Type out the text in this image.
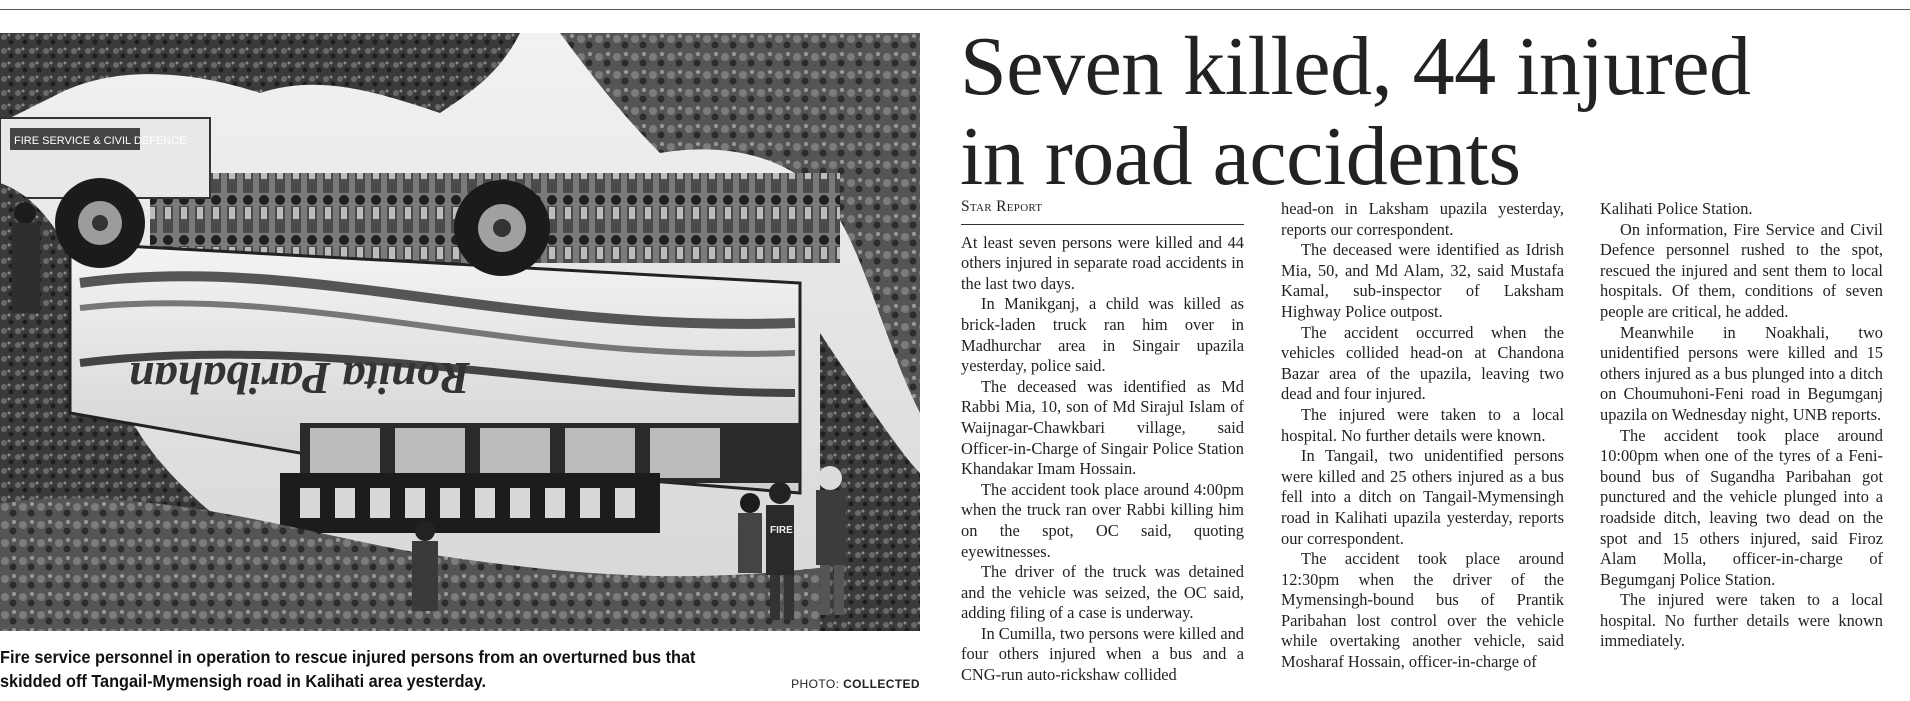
FIRE SERVICE & CIVIL DEFENCE
Ronita Paribahan
FIRE
Fire service personnel in operation to rescue injured persons from an overturned bus that skidded off Tangail-Mymensigh road in Kalihati area yesterday.	PHOTO: COLLECTED
Seven killed, 44 injured
in road accidents
Star Report

At least seven persons were killed and 44 others injured in separate road accidents in the last two days.

In Manikganj, a child was killed as brick-laden truck ran him over in Madhurchar area in Singair upazila yesterday, police said.

The deceased was identified as Md Rabbi Mia, 10, son of Md Sirajul Islam of Waijnagar-Chawkbari village, said Officer-in-Charge of Singair Police Station Khandakar Imam Hossain.

The accident took place around 4:00pm when the truck ran over Rabbi killing him on the spot, OC said, quoting eyewitnesses.

The driver of the truck was detained and the vehicle was seized, the OC said, adding filing of a case is underway.

In Cumilla, two persons were killed and four others injured when a bus and a CNG-run auto-rickshaw collided

head-on in Laksham upazila yesterday, reports our correspondent.

The deceased were identified as Idrish Mia, 50, and Md Alam, 32, said Mustafa Kamal, sub-inspector of Laksham Highway Police outpost.

The accident occurred when the vehicles collided head-on at Chandona Bazar area of the upazila, leaving two dead and four injured.

The injured were taken to a local hospital. No further details were known.

In Tangail, two unidentified persons were killed and 25 others injured as a bus fell into a ditch on Tangail-Mymensingh road in Kalihati upazila yesterday, reports our correspondent.

The accident took place around 12:30pm when the driver of the Mymensingh-bound bus of Prantik Paribahan lost control over the vehicle while overtaking another vehicle, said Mosharaf Hossain, officer-in-charge of

Kalihati Police Station.

On information, Fire Service and Civil Defence personnel rushed to the spot, rescued the injured and sent them to local hospitals. Of them, conditions of seven people are critical, he added.

Meanwhile in Noakhali, two unidentified persons were killed and 15 others injured as a bus plunged into a ditch on Choumuhoni-Feni road in Begumganj upazila on Wednesday night, UNB reports.

The accident took place around 10:00pm when one of the tyres of a Feni-bound bus of Sugandha Paribahan got punctured and the vehicle plunged into a roadside ditch, leaving two dead on the spot and 15 others injured, said Firoz Alam Molla, officer-in-charge of Begumganj Police Station.

The injured were taken to a local hospital. No further details were known immediately.
